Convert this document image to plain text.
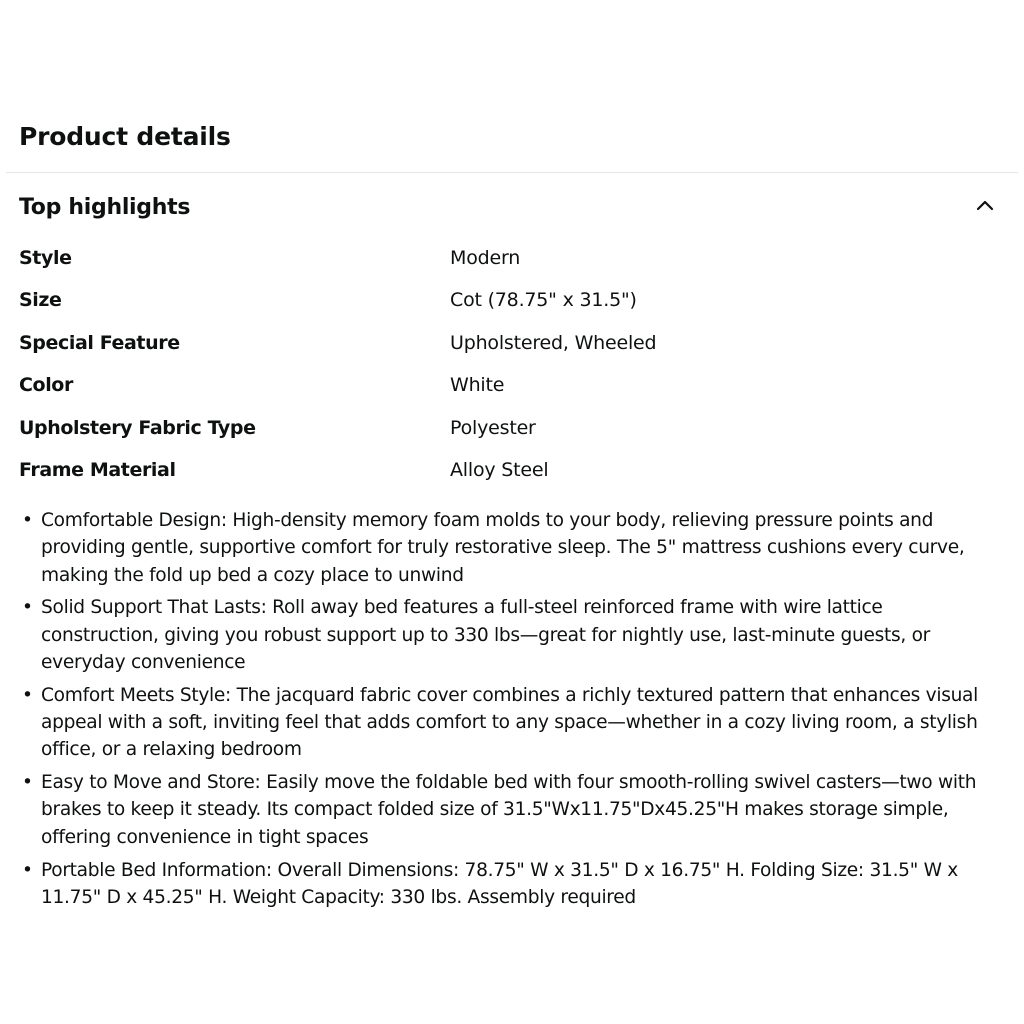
Product details
Top highlights
Style	Modern
Size	Cot (78.75" x 31.5")
Special Feature	Upholstered, Wheeled
Color	White
Upholstery Fabric Type	Polyester
Frame Material	Alloy Steel
• Comfortable Design: High-density memory foam molds to your body, relieving pressure points and providing gentle, supportive comfort for truly restorative sleep. The 5" mattress cushions every curve, making the fold up bed a cozy place to unwind
• Solid Support That Lasts: Roll away bed features a full-steel reinforced frame with wire lattice construction, giving you robust support up to 330 lbs—great for nightly use, last-minute guests, or everyday convenience
• Comfort Meets Style: The jacquard fabric cover combines a richly textured pattern that enhances visual appeal with a soft, inviting feel that adds comfort to any space—whether in a cozy living room, a stylish office, or a relaxing bedroom
• Easy to Move and Store: Easily move the foldable bed with four smooth-rolling swivel casters—two with brakes to keep it steady. Its compact folded size of 31.5"Wx11.75"Dx45.25"H makes storage simple, offering convenience in tight spaces
• Portable Bed Information: Overall Dimensions: 78.75" W x 31.5" D x 16.75" H. Folding Size: 31.5" W x 11.75" D x 45.25" H. Weight Capacity: 330 lbs. Assembly required
